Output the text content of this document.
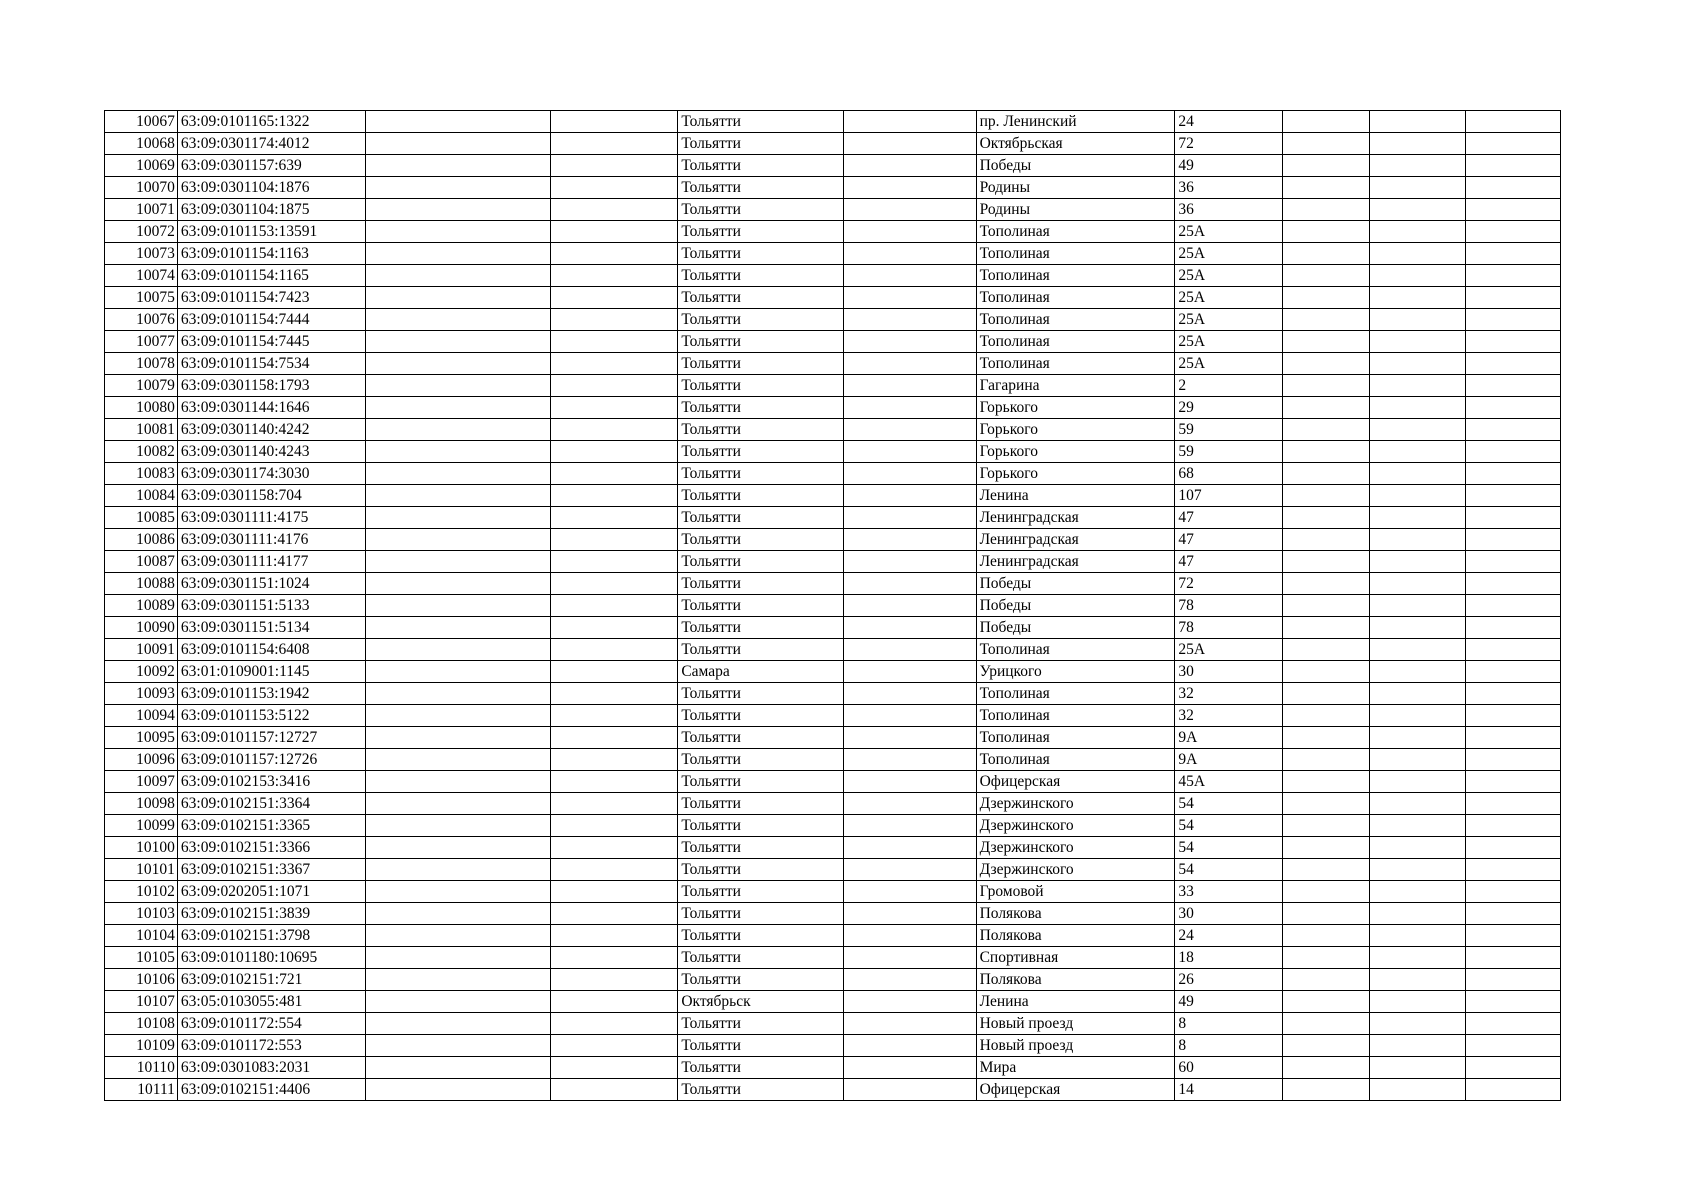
10067	63:09:0101165:1322			Тольятти		пр. Ленинский	24			
10068	63:09:0301174:4012			Тольятти		Октябрьская	72			
10069	63:09:0301157:639			Тольятти		Победы	49			
10070	63:09:0301104:1876			Тольятти		Родины	36			
10071	63:09:0301104:1875			Тольятти		Родины	36			
10072	63:09:0101153:13591			Тольятти		Тополиная	25А			
10073	63:09:0101154:1163			Тольятти		Тополиная	25А			
10074	63:09:0101154:1165			Тольятти		Тополиная	25А			
10075	63:09:0101154:7423			Тольятти		Тополиная	25А			
10076	63:09:0101154:7444			Тольятти		Тополиная	25А			
10077	63:09:0101154:7445			Тольятти		Тополиная	25А			
10078	63:09:0101154:7534			Тольятти		Тополиная	25А			
10079	63:09:0301158:1793			Тольятти		Гагарина	2			
10080	63:09:0301144:1646			Тольятти		Горького	29			
10081	63:09:0301140:4242			Тольятти		Горького	59			
10082	63:09:0301140:4243			Тольятти		Горького	59			
10083	63:09:0301174:3030			Тольятти		Горького	68			
10084	63:09:0301158:704			Тольятти		Ленина	107			
10085	63:09:0301111:4175			Тольятти		Ленинградская	47			
10086	63:09:0301111:4176			Тольятти		Ленинградская	47			
10087	63:09:0301111:4177			Тольятти		Ленинградская	47			
10088	63:09:0301151:1024			Тольятти		Победы	72			
10089	63:09:0301151:5133			Тольятти		Победы	78			
10090	63:09:0301151:5134			Тольятти		Победы	78			
10091	63:09:0101154:6408			Тольятти		Тополиная	25А			
10092	63:01:0109001:1145			Самара		Урицкого	30			
10093	63:09:0101153:1942			Тольятти		Тополиная	32			
10094	63:09:0101153:5122			Тольятти		Тополиная	32			
10095	63:09:0101157:12727			Тольятти		Тополиная	9А			
10096	63:09:0101157:12726			Тольятти		Тополиная	9А			
10097	63:09:0102153:3416			Тольятти		Офицерская	45А			
10098	63:09:0102151:3364			Тольятти		Дзержинского	54			
10099	63:09:0102151:3365			Тольятти		Дзержинского	54			
10100	63:09:0102151:3366			Тольятти		Дзержинского	54			
10101	63:09:0102151:3367			Тольятти		Дзержинского	54			
10102	63:09:0202051:1071			Тольятти		Громовой	33			
10103	63:09:0102151:3839			Тольятти		Полякова	30			
10104	63:09:0102151:3798			Тольятти		Полякова	24			
10105	63:09:0101180:10695			Тольятти		Спортивная	18			
10106	63:09:0102151:721			Тольятти		Полякова	26			
10107	63:05:0103055:481			Октябрьск		Ленина	49			
10108	63:09:0101172:554			Тольятти		Новый проезд	8			
10109	63:09:0101172:553			Тольятти		Новый проезд	8			
10110	63:09:0301083:2031			Тольятти		Мира	60			
10111	63:09:0102151:4406			Тольятти		Офицерская	14			
